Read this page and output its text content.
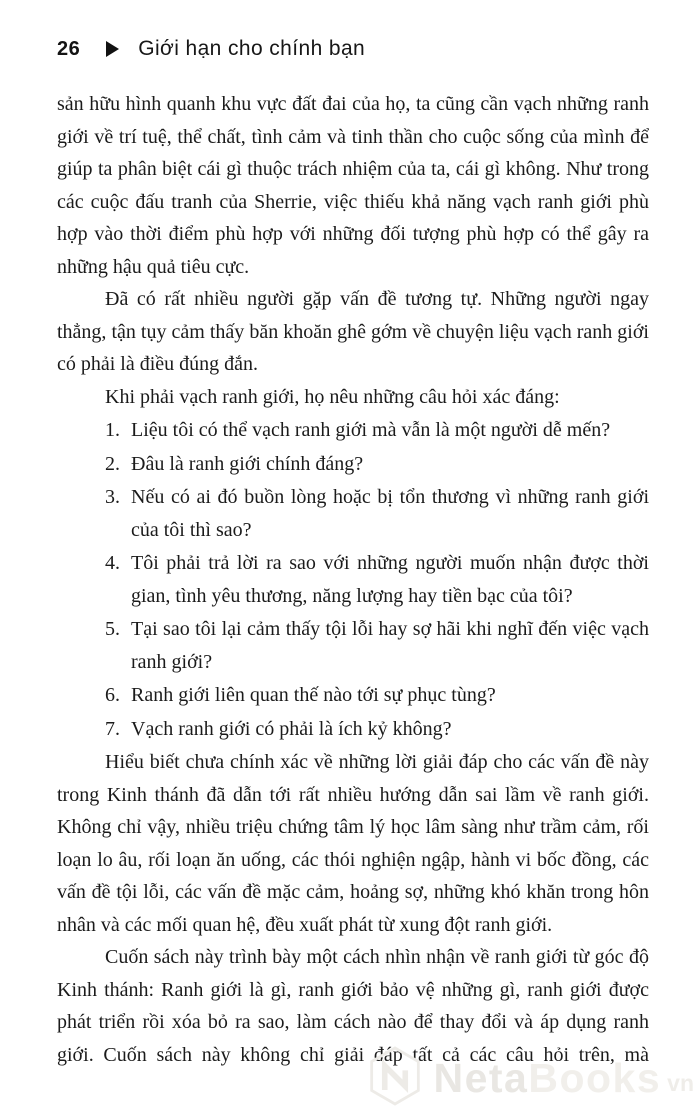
26	Giới hạn cho chính bạn

sản hữu hình quanh khu vực đất đai của họ, ta cũng cần vạch những ranh giới về trí tuệ, thể chất, tình cảm và tinh thần cho cuộc sống của mình để giúp ta phân biệt cái gì thuộc trách nhiệm của ta, cái gì không. Như trong các cuộc đấu tranh của Sherrie, việc thiếu khả năng vạch ranh giới phù hợp vào thời điểm phù hợp với những đối tượng phù hợp có thể gây ra những hậu quả tiêu cực.

Đã có rất nhiều người gặp vấn đề tương tự. Những người ngay thẳng, tận tụy cảm thấy băn khoăn ghê gớm về chuyện liệu vạch ranh giới có phải là điều đúng đắn.

Khi phải vạch ranh giới, họ nêu những câu hỏi xác đáng:

1. Liệu tôi có thể vạch ranh giới mà vẫn là một người dễ mến?
2. Đâu là ranh giới chính đáng?
3. Nếu có ai đó buồn lòng hoặc bị tổn thương vì những ranh giới của tôi thì sao?
4. Tôi phải trả lời ra sao với những người muốn nhận được thời gian, tình yêu thương, năng lượng hay tiền bạc của tôi?
5. Tại sao tôi lại cảm thấy tội lỗi hay sợ hãi khi nghĩ đến việc vạch ranh giới?
6. Ranh giới liên quan thế nào tới sự phục tùng?
7. Vạch ranh giới có phải là ích kỷ không?

Hiểu biết chưa chính xác về những lời giải đáp cho các vấn đề này trong Kinh thánh đã dẫn tới rất nhiều hướng dẫn sai lầm về ranh giới. Không chỉ vậy, nhiều triệu chứng tâm lý học lâm sàng như trầm cảm, rối loạn lo âu, rối loạn ăn uống, các thói nghiện ngập, hành vi bốc đồng, các vấn đề tội lỗi, các vấn đề mặc cảm, hoảng sợ, những khó khăn trong hôn nhân và các mối quan hệ, đều xuất phát từ xung đột ranh giới.

Cuốn sách này trình bày một cách nhìn nhận về ranh giới từ góc độ Kinh thánh: Ranh giới là gì, ranh giới bảo vệ những gì, ranh giới được phát triển rồi xóa bỏ ra sao, làm cách nào để thay đổi và áp dụng ranh giới. Cuốn sách này không chỉ giải đáp tất cả các câu hỏi trên, mà

NetaBooks vn
